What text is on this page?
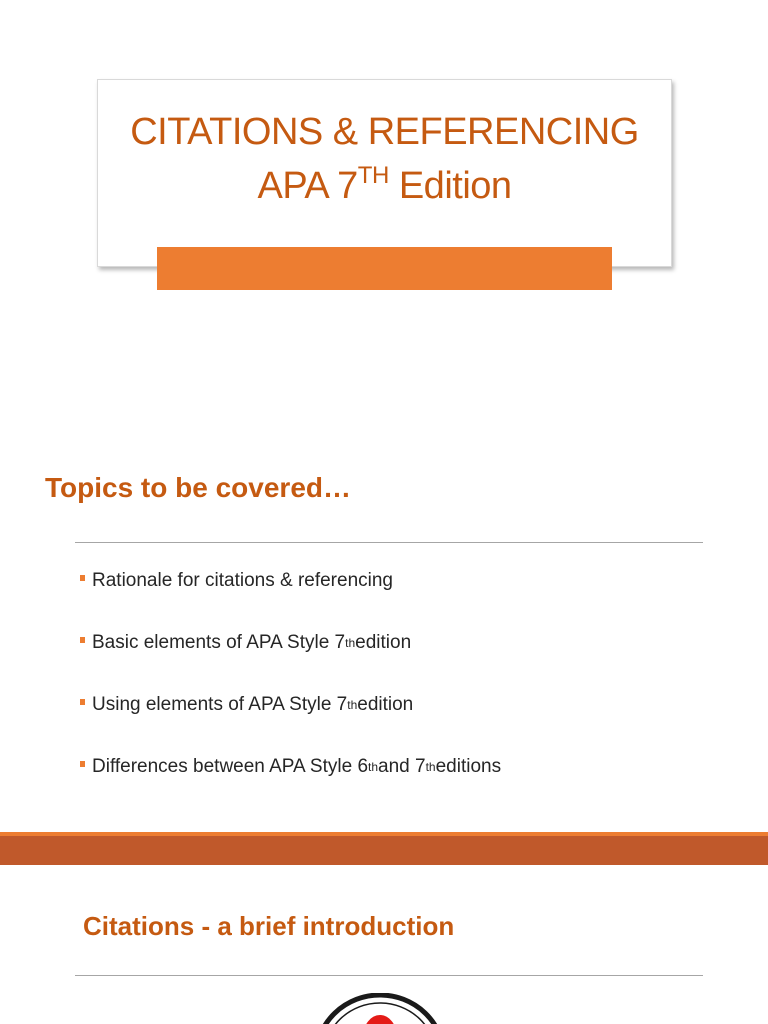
CITATIONS & REFERENCING
APA 7TH Edition
Topics to be covered…
Rationale for citations & referencing
Basic elements of APA Style 7 th edition
Using elements of APA Style 7 th edition
Differences between APA Style 6 th and 7 th editions
Citations - a brief introduction
